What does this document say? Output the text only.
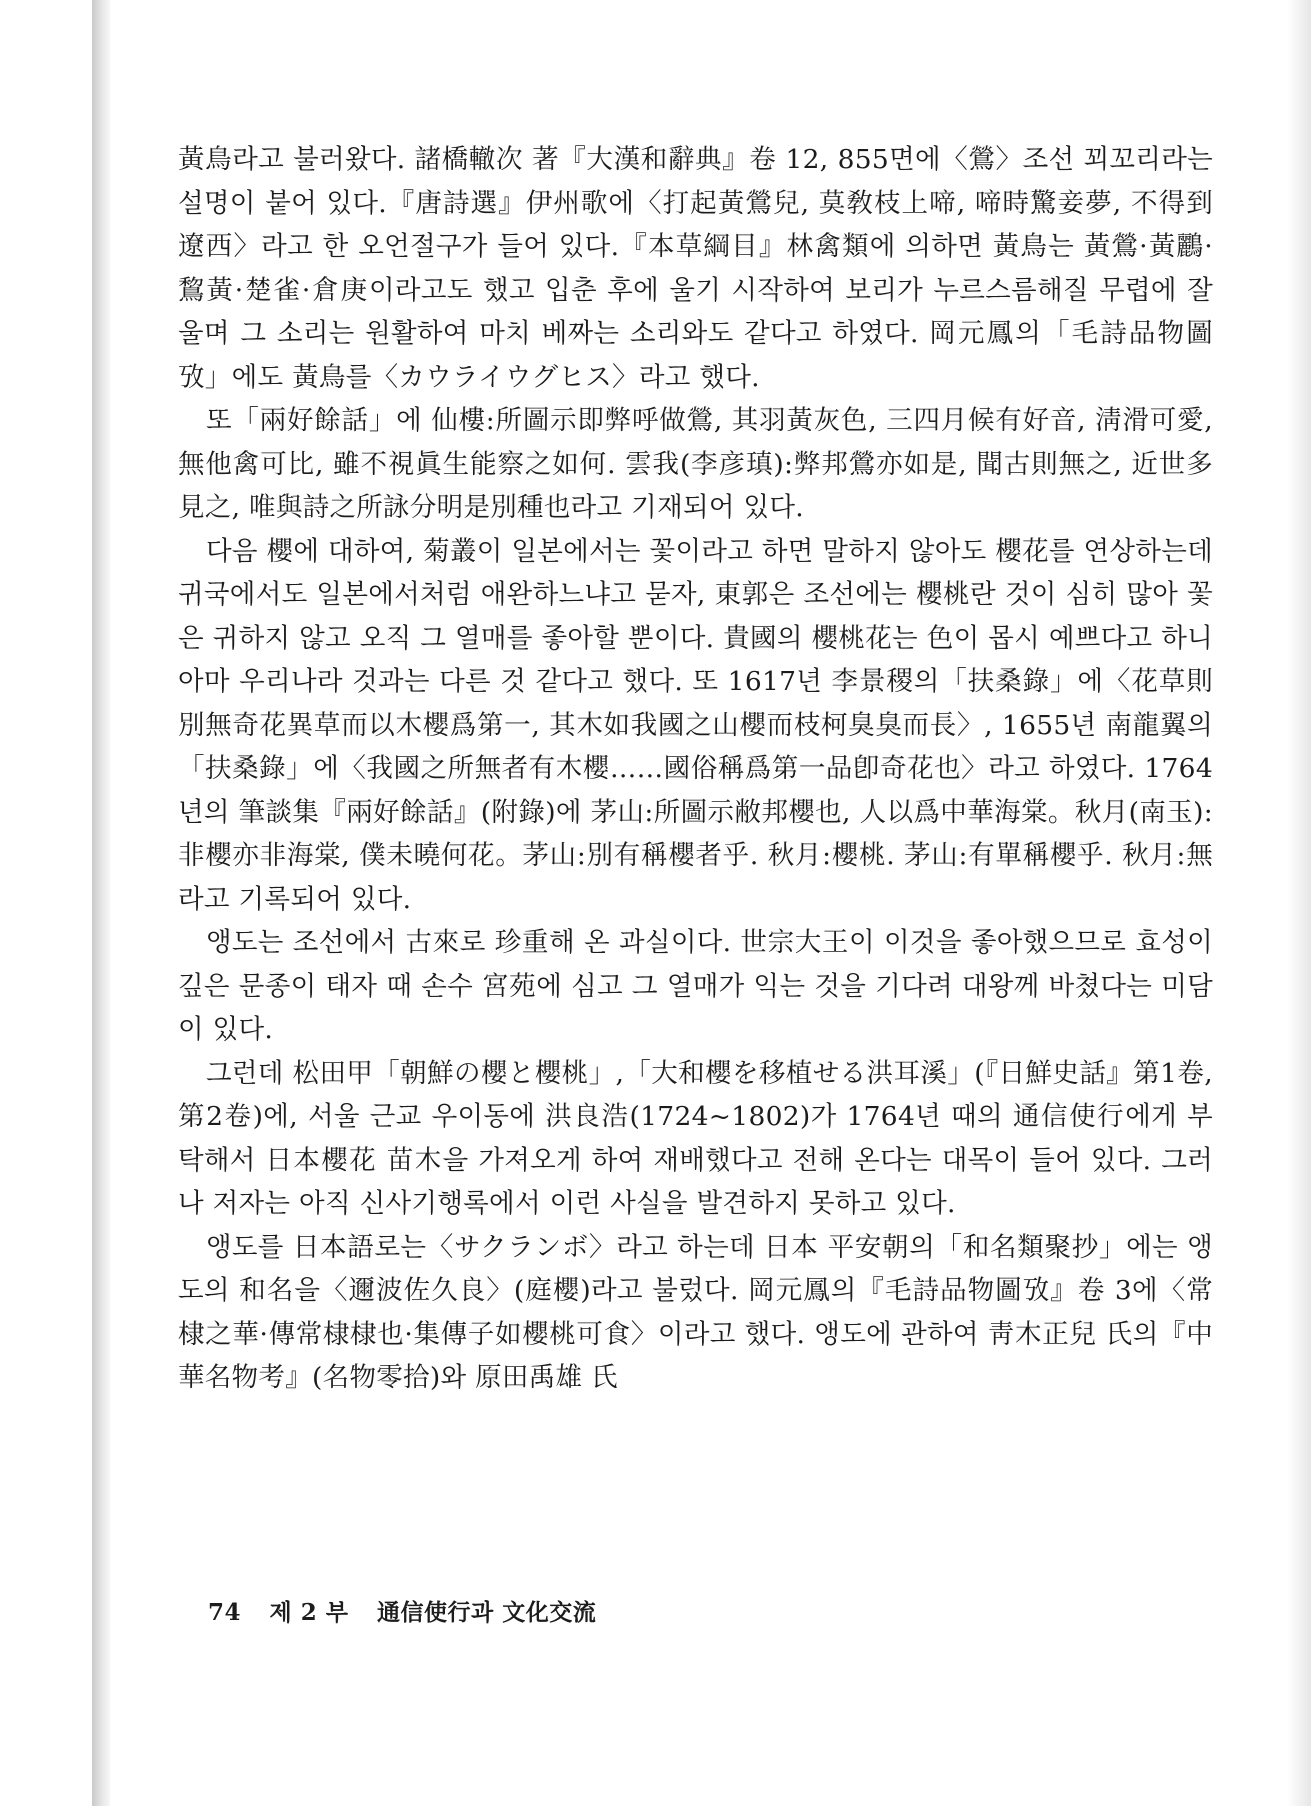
黃鳥라고 불러왔다. 諸橋轍次 著『大漢和辭典』卷 12, 855면에〈鶯〉조선 꾀꼬리라는 설명이 붙어 있다.『唐詩選』伊州歌에〈打起黃鶯兒, 莫敎枝上啼, 啼時驚妾夢, 不得到遼西〉라고 한 오언절구가 들어 있다.『本草綱目』林禽類에 의하면 黃鳥는 黃鶯·黃鸝·鵹黃·楚雀·倉庚이라고도 했고 입춘 후에 울기 시작하여 보리가 누르스름해질 무렵에 잘 울며 그 소리는 원활하여 마치 베짜는 소리와도 같다고 하였다. 岡元鳳의「毛詩品物圖攷」에도 黃鳥를〈カウライウグヒス〉라고 했다.

또「兩好餘話」에 仙樓:所圖示即弊呼做鶯, 其羽黃灰色, 三四月候有好音, 淸滑可愛, 無他禽可比, 雖不視眞生能察之如何. 雲我(李彦瑱):弊邦鶯亦如是, 聞古則無之, 近世多見之, 唯與詩之所詠分明是別種也라고 기재되어 있다.

다음 櫻에 대하여, 菊叢이 일본에서는 꽃이라고 하면 말하지 않아도 櫻花를 연상하는데 귀국에서도 일본에서처럼 애완하느냐고 묻자, 東郭은 조선에는 櫻桃란 것이 심히 많아 꽃은 귀하지 않고 오직 그 열매를 좋아할 뿐이다. 貴國의 櫻桃花는 色이 몹시 예쁘다고 하니 아마 우리나라 것과는 다른 것 같다고 했다. 또 1617년 李景稷의「扶桑錄」에〈花草則別無奇花異草而以木櫻爲第一, 其木如我國之山櫻而枝柯臭臭而長〉, 1655년 南龍翼의「扶桑錄」에〈我國之所無者有木櫻……國俗稱爲第一品卽奇花也〉라고 하였다. 1764년의 筆談集『兩好餘話』(附錄)에 茅山:所圖示敝邦櫻也, 人以爲中華海棠。秋月(南玉):非櫻亦非海棠, 僕未曉何花。茅山:別有稱櫻者乎. 秋月:櫻桃. 茅山:有單稱櫻乎. 秋月:無라고 기록되어 있다.

앵도는 조선에서 古來로 珍重해 온 과실이다. 世宗大王이 이것을 좋아했으므로 효성이 깊은 문종이 태자 때 손수 宮苑에 심고 그 열매가 익는 것을 기다려 대왕께 바쳤다는 미담이 있다.

그런데 松田甲「朝鮮の櫻と櫻桃」,「大和櫻を移植せる洪耳溪」(『日鮮史話』第1卷, 第2卷)에, 서울 근교 우이동에 洪良浩(1724~1802)가 1764년 때의 通信使行에게 부탁해서 日本櫻花 苗木을 가져오게 하여 재배했다고 전해 온다는 대목이 들어 있다. 그러나 저자는 아직 신사기행록에서 이런 사실을 발견하지 못하고 있다.

앵도를 日本語로는〈サクランボ〉라고 하는데 日本 平安朝의「和名類聚抄」에는 앵도의 和名을〈邇波佐久良〉(庭櫻)라고 불렀다. 岡元鳳의『毛詩品物圖攷』卷 3에〈常棣之華·傳常棣棣也·集傳子如櫻桃可食〉이라고 했다. 앵도에 관하여 靑木正兒 氏의『中華名物考』(名物零拾)와 原田禹雄 氏

74 제 2 부 通信使行과 文化交流
